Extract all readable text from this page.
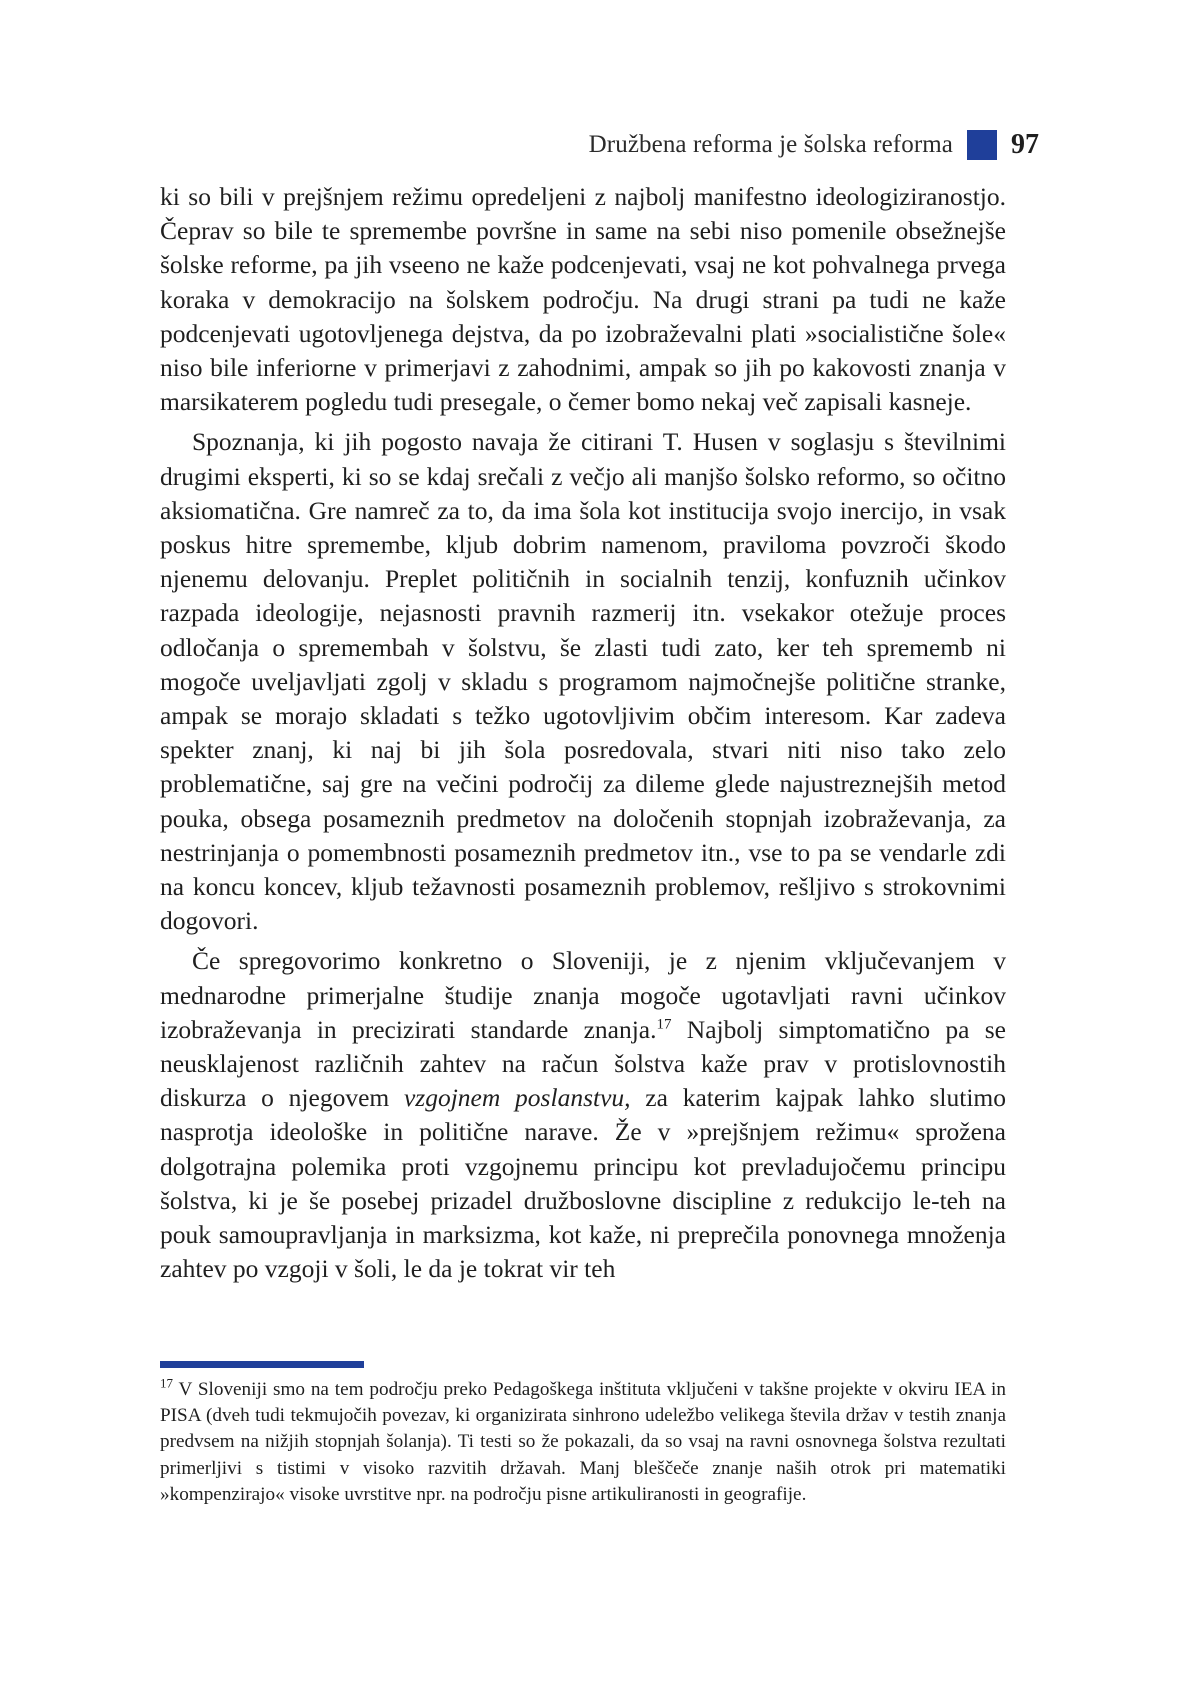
Družbena reforma je šolska reforma 97

ki so bili v prejšnjem režimu opredeljeni z najbolj manifestno ideologiziranostjo. Čeprav so bile te spremembe površne in same na sebi niso pomenile obsežnejše šolske reforme, pa jih vseeno ne kaže podcenjevati, vsaj ne kot pohvalnega prvega koraka v demokracijo na šolskem področju. Na drugi strani pa tudi ne kaže podcenjevati ugotovljenega dejstva, da po izobraževalni plati »socialistične šole« niso bile inferiorne v primerjavi z zahodnimi, ampak so jih po kakovosti znanja v marsikaterem pogledu tudi presegale, o čemer bomo nekaj več zapisali kasneje.

Spoznanja, ki jih pogosto navaja že citirani T. Husen v soglasju s številnimi drugimi eksperti, ki so se kdaj srečali z večjo ali manjšo šolsko reformo, so očitno aksiomatična. Gre namreč za to, da ima šola kot institucija svojo inercijo, in vsak poskus hitre spremembe, kljub dobrim namenom, praviloma povzroči škodo njenemu delovanju. Preplet političnih in socialnih tenzij, konfuznih učinkov razpada ideologije, nejasnosti pravnih razmerij itn. vsekakor otežuje proces odločanja o spremembah v šolstvu, še zlasti tudi zato, ker teh sprememb ni mogoče uveljavljati zgolj v skladu s programom najmočnejše politične stranke, ampak se morajo skladati s težko ugotovljivim občim interesom. Kar zadeva spekter znanj, ki naj bi jih šola posredovala, stvari niti niso tako zelo problematične, saj gre na večini področij za dileme glede najustreznejših metod pouka, obsega posameznih predmetov na določenih stopnjah izobraževanja, za nestrinjanja o pomembnosti posameznih predmetov itn., vse to pa se vendarle zdi na koncu koncev, kljub težavnosti posameznih problemov, rešljivo s strokovnimi dogovori.

Če spregovorimo konkretno o Sloveniji, je z njenim vključevanjem v mednarodne primerjalne študije znanja mogoče ugotavljati ravni učinkov izobraževanja in precizirati standarde znanja.$^{17}$ Najbolj simptomatično pa se neusklajenost različnih zahtev na račun šolstva kaže prav v protislovnostih diskurza o njegovem vzgojnem poslanstvu, za katerim kajpak lahko slutimo nasprotja ideološke in politične narave. Že v »prejšnjem režimu« sprožena dolgotrajna polemika proti vzgojnemu principu kot prevladujočemu principu šolstva, ki je še posebej prizadel družboslovne discipline z redukcijo le-teh na pouk samoupravljanja in marksizma, kot kaže, ni preprečila ponovnega množenja zahtev po vzgoji v šoli, le da je tokrat vir teh

$^{17}$ V Sloveniji smo na tem področju preko Pedagoškega inštituta vključeni v takšne projekte v okviru IEA in PISA (dveh tudi tekmujočih povezav, ki organizirata sinhrono udeležbo velikega števila držav v testih znanja predvsem na nižjih stopnjah šolanja). Ti testi so že pokazali, da so vsaj na ravni osnovnega šolstva rezultati primerljivi s tistimi v visoko razvitih državah. Manj bleščeče znanje naših otrok pri matematiki »kompenzirajo« visoke uvrstitve npr. na področju pisne artikuliranosti in geografije.
